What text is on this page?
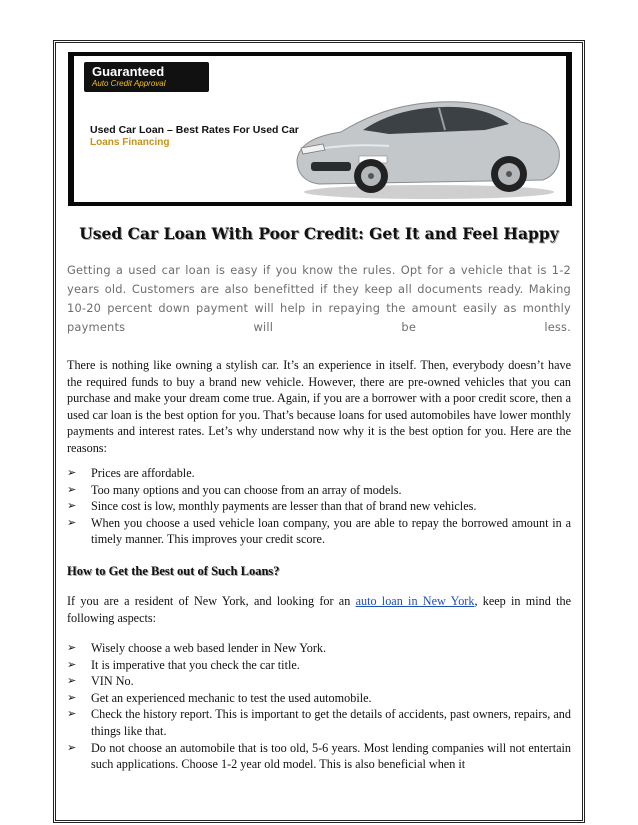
Guaranteed
Auto Credit Approval
Used Car Loan – Best Rates For Used Car
Loans Financing
Used Car Loan With Poor Credit: Get It and Feel Happy
Getting a used car loan is easy if you know the rules. Opt for a vehicle that is 1-2 years old. Customers are also benefitted if they keep all documents ready. Making 10-20 percent down payment will help in repaying the amount easily as monthly payments will be less.
There is nothing like owning a stylish car. It’s an experience in itself. Then, everybody doesn’t have the required funds to buy a brand new vehicle. However, there are pre-owned vehicles that you can purchase and make your dream come true. Again, if you are a borrower with a poor credit score, then a used car loan is the best option for you. That’s because loans for used automobiles have lower monthly payments and interest rates. Let’s why understand now why it is the best option for you. Here are the reasons:
➢	Prices are affordable.
➢	Too many options and you can choose from an array of models.
➢	Since cost is low, monthly payments are lesser than that of brand new vehicles.
➢	When you choose a used vehicle loan company, you are able to repay the borrowed amount in a timely manner. This improves your credit score.
How to Get the Best out of Such Loans?
If you are a resident of New York, and looking for an auto loan in New York, keep in mind the following aspects:
➢	Wisely choose a web based lender in New York.
➢	It is imperative that you check the car title.
➢	VIN No.
➢	Get an experienced mechanic to test the used automobile.
➢	Check the history report. This is important to get the details of accidents, past owners, repairs, and things like that.
➢	Do not choose an automobile that is too old, 5-6 years. Most lending companies will not entertain such applications. Choose 1-2 year old model. This is also beneficial when it
